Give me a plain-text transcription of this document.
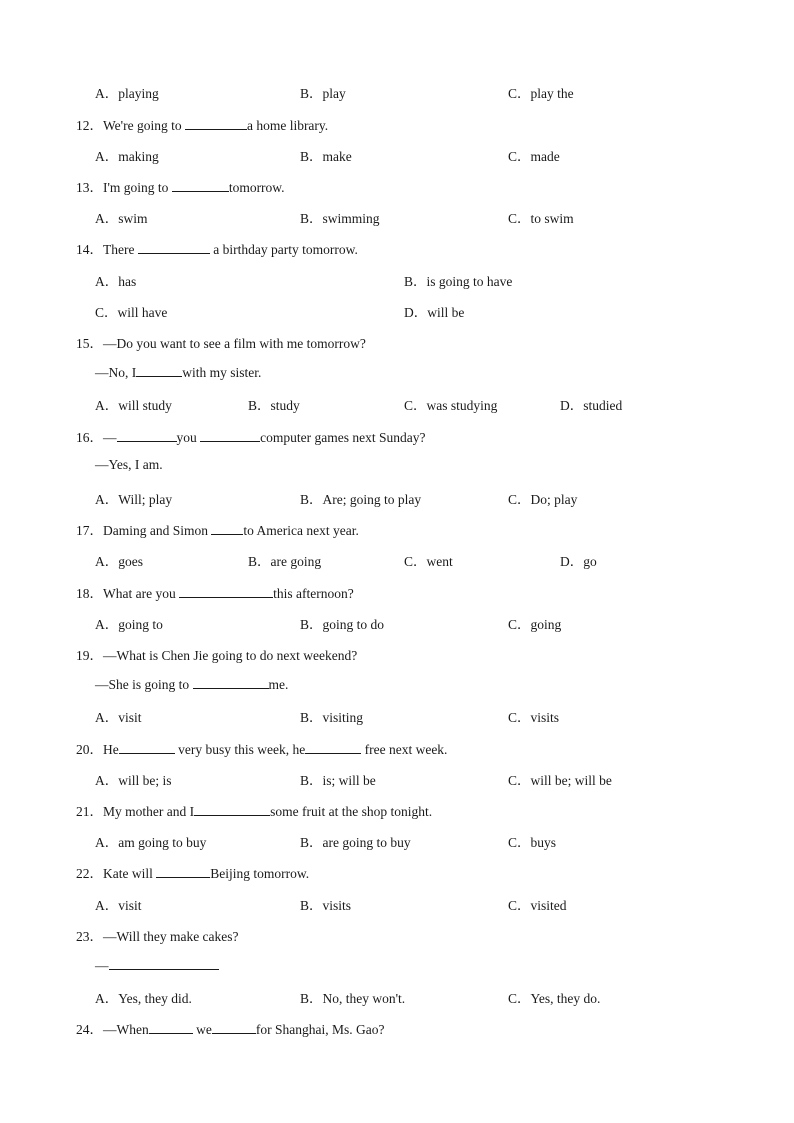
A．playing	B．play	C．play the
12．We're going to	a home library.
A．making	B．make	C．made
13．I'm going to	tomorrow.
A．swim	B．swimming	C．to swim
14．There	a birthday party tomorrow.
A．has	B．is going to have
C．will have	D．will be
15．—Do you want to see a film with me tomorrow?
—No, I	with my sister.
A．will study	B．study	C．was studying	D．studied
16．—	you	computer games next Sunday?
—Yes, I am.
A．Will; play	B．Are; going to play	C．Do; play
17．Daming and Simon to America next year.
A．goes	B．are going	C．went	D．go
18．What are you	this afternoon?
A．going to	B．going to do	C．going
19．—What is Chen Jie going to do next weekend?
—She is going to	me.
A．visit	B．visiting	C．visits
20．He	very busy this week, he	free next week.
A．will be; is	B．is; will be	C．will be; will be
21．My mother and I	some fruit at the shop tonight.
A．am going to buy	B．are going to buy	C．buys
22．Kate will	Beijing tomorrow.
A．visit	B．visits	C．visited
23．—Will they make cakes?
—
A．Yes, they did.	B．No, they won't.	C．Yes, they do.
24．—When	we	for Shanghai, Ms. Gao?
